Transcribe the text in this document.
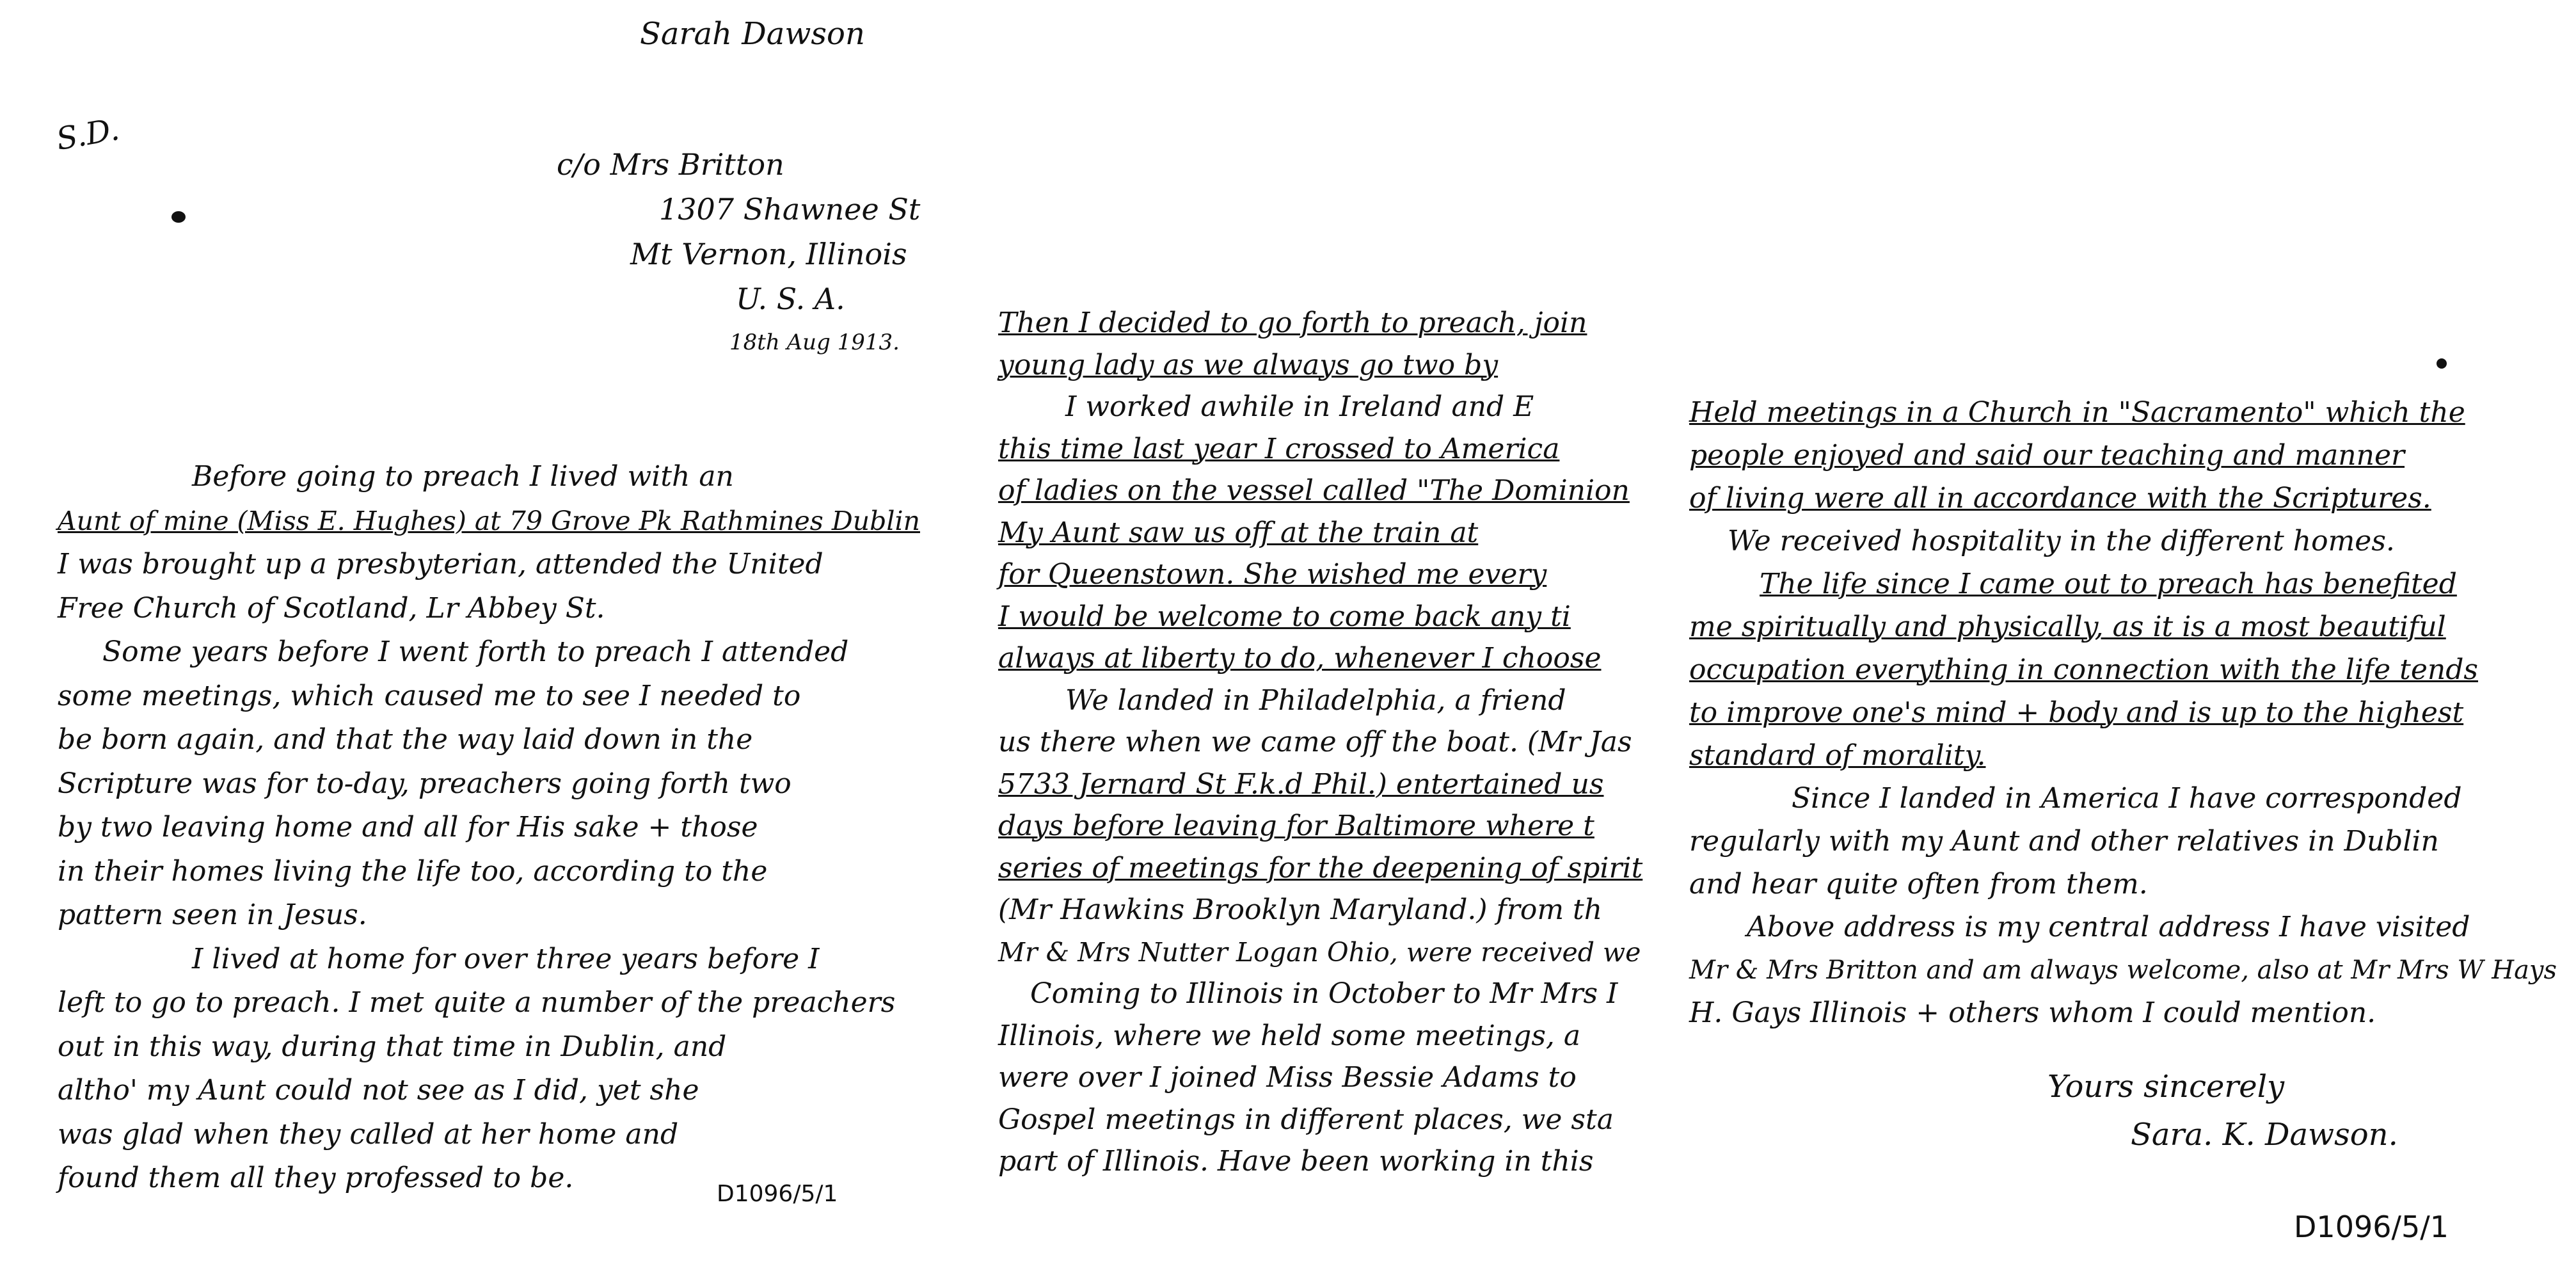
Sarah Dawson
S.D.
c/o Mrs Britton
1307 Shawnee St
Mt Vernon, Illinois
U. S. A.
18th Aug 1913.
Before going to preach I lived with an
Aunt of mine (Miss E. Hughes) at 79 Grove Pk Rathmines Dublin
I was brought up a presbyterian, attended the United
Free Church of Scotland, Lr Abbey St.
Some years before I went forth to preach I attended
some meetings, which caused me to see I needed to
be born again, and that the way laid down in the
Scripture was for to-day, preachers going forth two
by two leaving home and all for His sake + those
in their homes living the life too, according to the
pattern seen in Jesus.
I lived at home for over three years before I
left to go to preach. I met quite a number of the preachers
out in this way, during that time in Dublin, and
altho' my Aunt could not see as I did, yet she
was glad when they called at her home and
found them all they professed to be.	D1096/5/1
Then I decided to go forth to preach, join
young lady as we always go two by
I worked awhile in Ireland and E
this time last year I crossed to America
of ladies on the vessel called "The Dominion
My Aunt saw us off at the train at
for Queenstown. She wished me every
I would be welcome to come back any ti
always at liberty to do, whenever I choose
We landed in Philadelphia, a friend
us there when we came off the boat. (Mr Jas
5733 Jernard St F.k.d Phil.) entertained us
days before leaving for Baltimore where t
series of meetings for the deepening of spirit
(Mr Hawkins Brooklyn Maryland.) from th
Mr & Mrs Nutter Logan Ohio, were received we
Coming to Illinois in October to Mr Mrs I
Illinois, where we held some meetings, a
were over I joined Miss Bessie Adams to
Gospel meetings in different places, we sta
part of Illinois. Have been working in this
Held meetings in a Church in "Sacramento" which the
people enjoyed and said our teaching and manner
of living were all in accordance with the Scriptures.
We received hospitality in the different homes.
The life since I came out to preach has benefited
me spiritually and physically, as it is a most beautiful
occupation everything in connection with the life tends
to improve one's mind + body and is up to the highest
standard of morality.
Since I landed in America I have corresponded
regularly with my Aunt and other relatives in Dublin
and hear quite often from them.
Above address is my central address I have visited
Mr & Mrs Britton and am always welcome, also at Mr Mrs W Hays
H. Gays Illinois + others whom I could mention.
Yours sincerely
Sara. K. Dawson.
D1096/5/1
